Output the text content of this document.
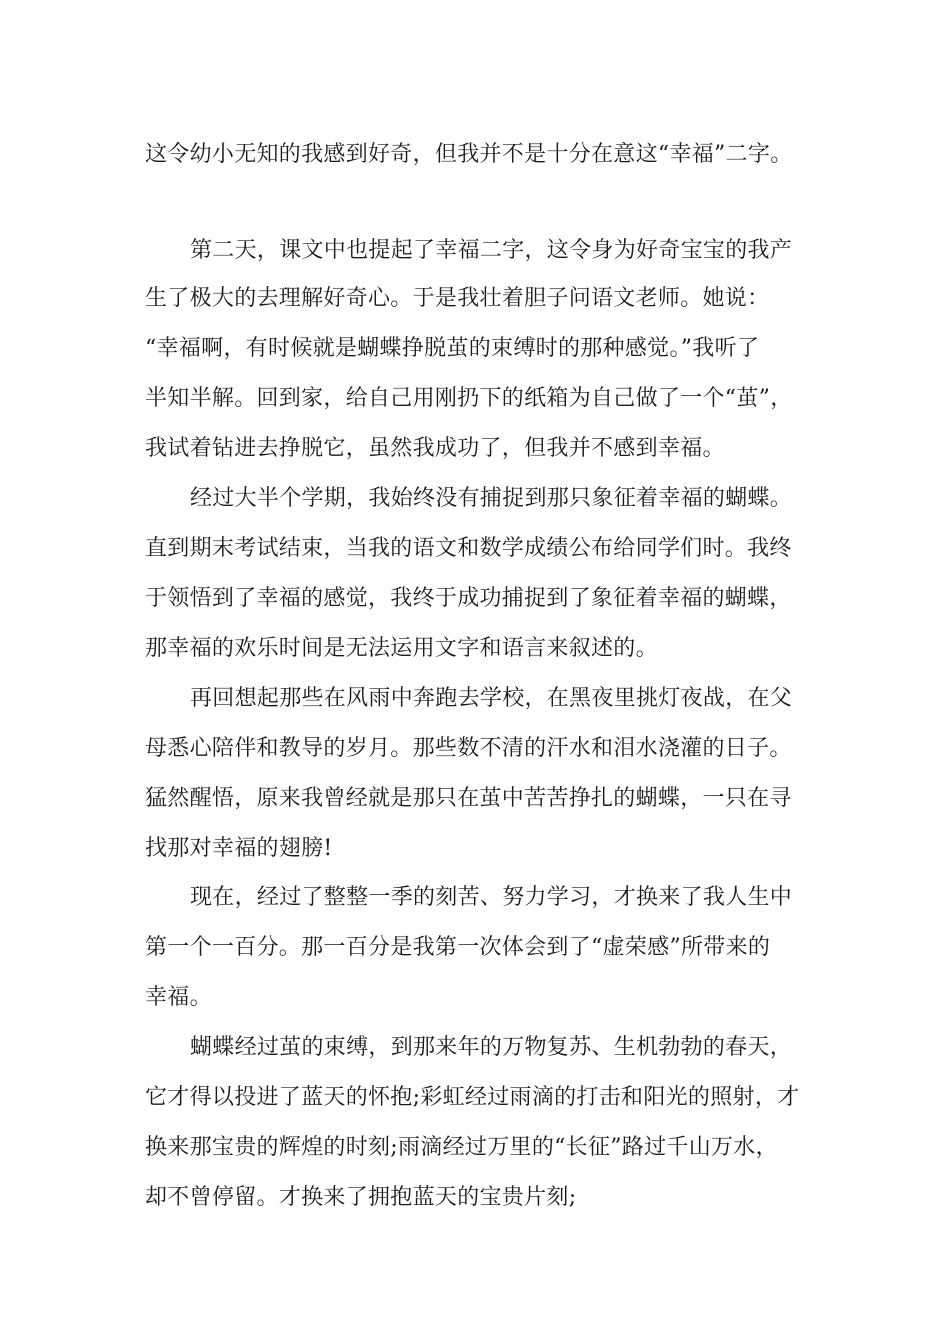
这令幼小无知的我感到好奇，但我并不是十分在意这“幸福”二字。
第二天，课文中也提起了幸福二字，这令身为好奇宝宝的我产
生了极大的去理解好奇心。于是我壮着胆子问语文老师。她说：
“幸福啊，有时候就是蝴蝶挣脱茧的束缚时的那种感觉。”我听了
半知半解。回到家，给自己用刚扔下的纸箱为自己做了一个“茧”，
我试着钻进去挣脱它，虽然我成功了，但我并不感到幸福。
经过大半个学期，我始终没有捕捉到那只象征着幸福的蝴蝶。
直到期末考试结束，当我的语文和数学成绩公布给同学们时。我终
于领悟到了幸福的感觉，我终于成功捕捉到了象征着幸福的蝴蝶，
那幸福的欢乐时间是无法运用文字和语言来叙述的。
再回想起那些在风雨中奔跑去学校，在黑夜里挑灯夜战，在父
母悉心陪伴和教导的岁月。那些数不清的汗水和泪水浇灌的日子。
猛然醒悟，原来我曾经就是那只在茧中苦苦挣扎的蝴蝶，一只在寻
找那对幸福的翅膀!
现在，经过了整整一季的刻苦、努力学习，才换来了我人生中
第一个一百分。那一百分是我第一次体会到了“虚荣感”所带来的
幸福。
蝴蝶经过茧的束缚，到那来年的万物复苏、生机勃勃的春天，
它才得以投进了蓝天的怀抱;彩虹经过雨滴的打击和阳光的照射，才
换来那宝贵的辉煌的时刻;雨滴经过万里的“长征”路过千山万水，
却不曾停留。才换来了拥抱蓝天的宝贵片刻;
